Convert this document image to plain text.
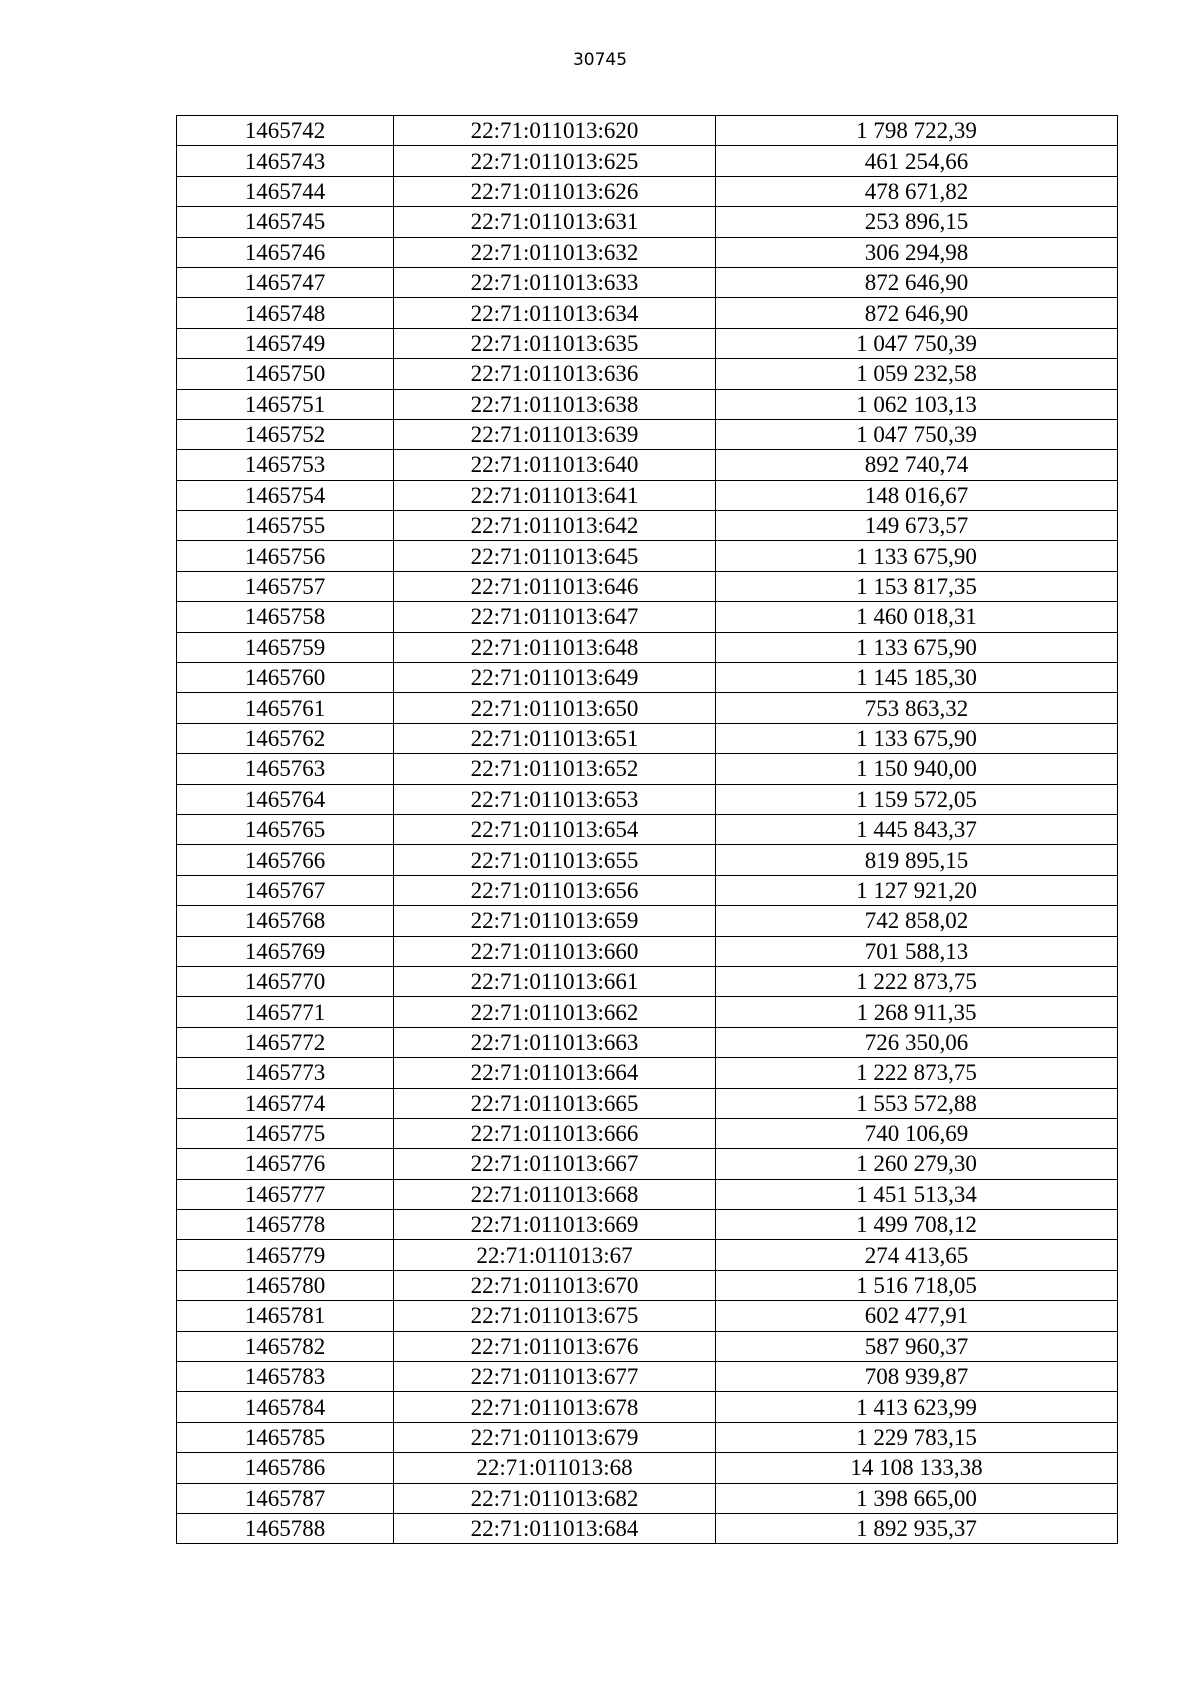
30745
1465742	22:71:011013:620	1 798 722,39
1465743	22:71:011013:625	461 254,66
1465744	22:71:011013:626	478 671,82
1465745	22:71:011013:631	253 896,15
1465746	22:71:011013:632	306 294,98
1465747	22:71:011013:633	872 646,90
1465748	22:71:011013:634	872 646,90
1465749	22:71:011013:635	1 047 750,39
1465750	22:71:011013:636	1 059 232,58
1465751	22:71:011013:638	1 062 103,13
1465752	22:71:011013:639	1 047 750,39
1465753	22:71:011013:640	892 740,74
1465754	22:71:011013:641	148 016,67
1465755	22:71:011013:642	149 673,57
1465756	22:71:011013:645	1 133 675,90
1465757	22:71:011013:646	1 153 817,35
1465758	22:71:011013:647	1 460 018,31
1465759	22:71:011013:648	1 133 675,90
1465760	22:71:011013:649	1 145 185,30
1465761	22:71:011013:650	753 863,32
1465762	22:71:011013:651	1 133 675,90
1465763	22:71:011013:652	1 150 940,00
1465764	22:71:011013:653	1 159 572,05
1465765	22:71:011013:654	1 445 843,37
1465766	22:71:011013:655	819 895,15
1465767	22:71:011013:656	1 127 921,20
1465768	22:71:011013:659	742 858,02
1465769	22:71:011013:660	701 588,13
1465770	22:71:011013:661	1 222 873,75
1465771	22:71:011013:662	1 268 911,35
1465772	22:71:011013:663	726 350,06
1465773	22:71:011013:664	1 222 873,75
1465774	22:71:011013:665	1 553 572,88
1465775	22:71:011013:666	740 106,69
1465776	22:71:011013:667	1 260 279,30
1465777	22:71:011013:668	1 451 513,34
1465778	22:71:011013:669	1 499 708,12
1465779	22:71:011013:67	274 413,65
1465780	22:71:011013:670	1 516 718,05
1465781	22:71:011013:675	602 477,91
1465782	22:71:011013:676	587 960,37
1465783	22:71:011013:677	708 939,87
1465784	22:71:011013:678	1 413 623,99
1465785	22:71:011013:679	1 229 783,15
1465786	22:71:011013:68	14 108 133,38
1465787	22:71:011013:682	1 398 665,00
1465788	22:71:011013:684	1 892 935,37
